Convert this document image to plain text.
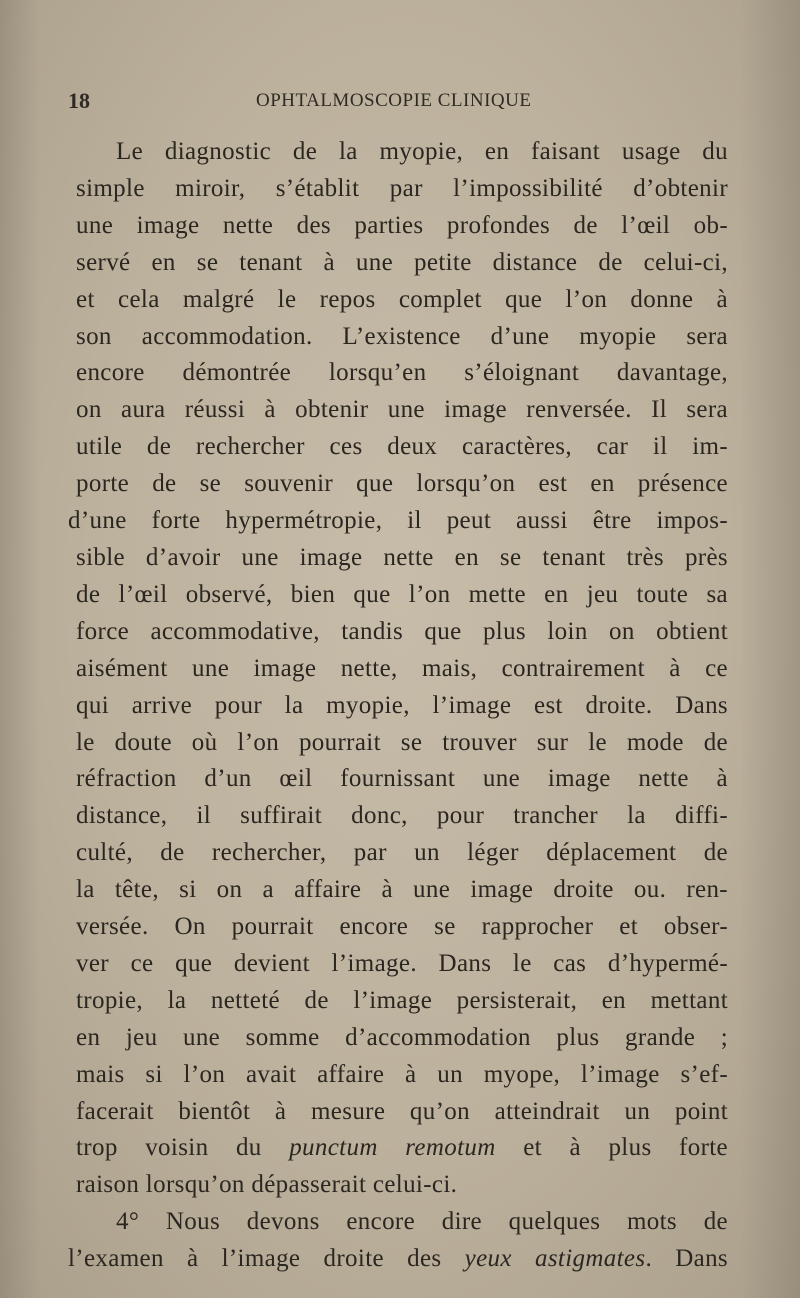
18	OPHTALMOSCOPIE CLINIQUE
Le diagnostic de la myopie, en faisant usage du
simple miroir, s’établit par l’impossibilité d’obtenir
une image nette des parties profondes de l’œil ob-
servé en se tenant à une petite distance de celui-ci,
et cela malgré le repos complet que l’on donne à
son accommodation. L’existence d’une myopie sera
encore démontrée lorsqu’en s’éloignant davantage,
on aura réussi à obtenir une image renversée. Il sera
utile de rechercher ces deux caractères, car il im-
porte de se souvenir que lorsqu’on est en présence
d’une forte hypermétropie, il peut aussi être impos-
sible d’avoir une image nette en se tenant très près
de l’œil observé, bien que l’on mette en jeu toute sa
force accommodative, tandis que plus loin on obtient
aisément une image nette, mais, contrairement à ce
qui arrive pour la myopie, l’image est droite. Dans
le doute où l’on pourrait se trouver sur le mode de
réfraction d’un œil fournissant une image nette à
distance, il suffirait donc, pour trancher la diffi-
culté, de rechercher, par un léger déplacement de
la tête, si on a affaire à une image droite ou. ren-
versée. On pourrait encore se rapprocher et obser-
ver ce que devient l’image. Dans le cas d’hypermé-
tropie, la netteté de l’image persisterait, en mettant
en jeu une somme d’accommodation plus grande ;
mais si l’on avait affaire à un myope, l’image s’ef-
facerait bientôt à mesure qu’on atteindrait un point
trop voisin du punctum remotum et à plus forte
raison lorsqu’on dépasserait celui-ci.
4° Nous devons encore dire quelques mots de
l’examen à l’image droite des yeux astigmates. Dans
